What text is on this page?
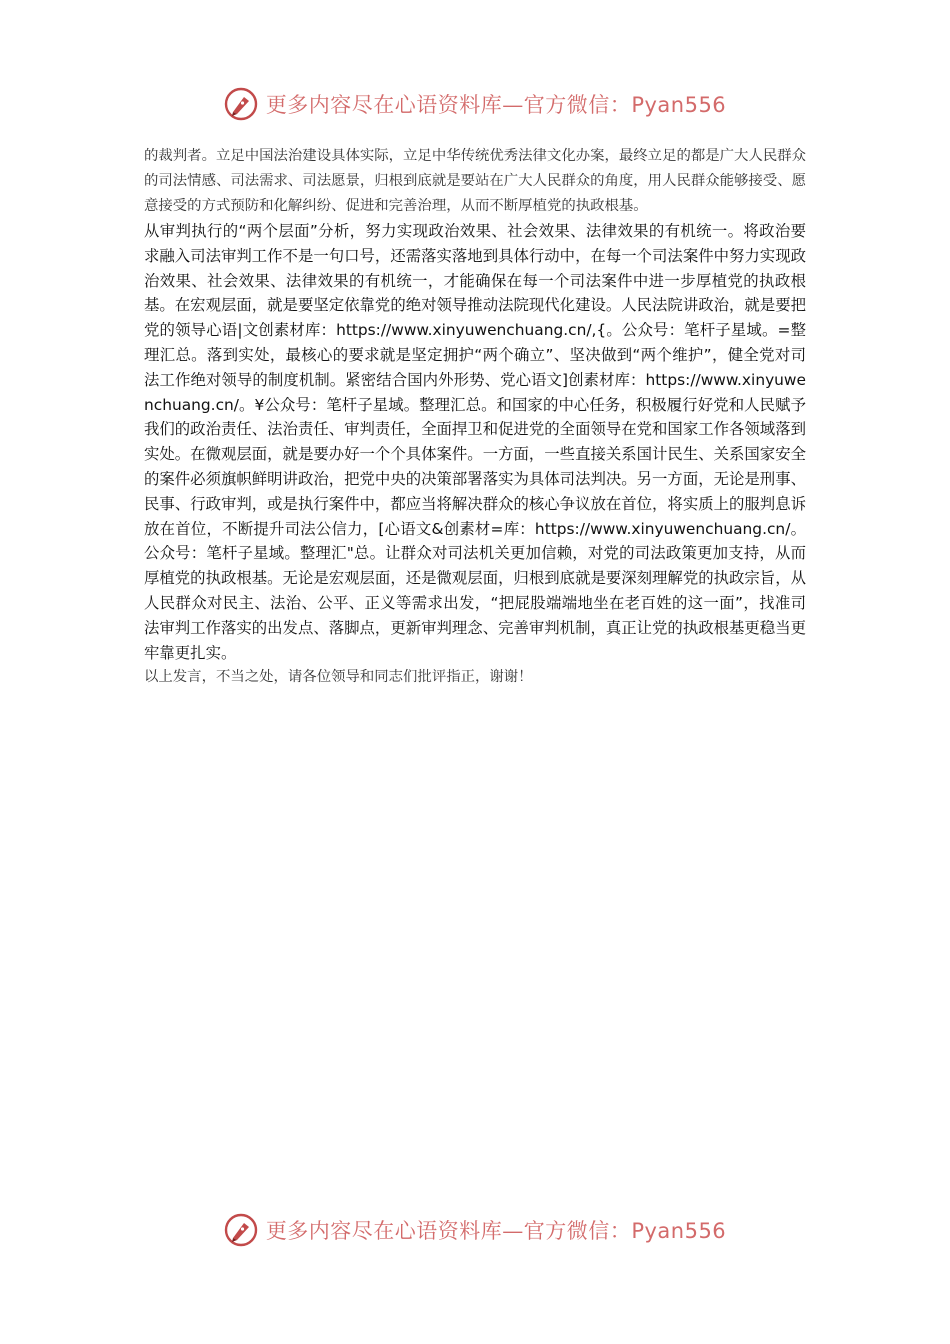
更多内容尽在心语资料库—官方微信：Pyan556

的裁判者。立足中国法治建设具体实际，立足中华传统优秀法律文化办案，最终立足的都是广大人民群众的司法情感、司法需求、司法愿景，归根到底就是要站在广大人民群众的角度，用人民群众能够接受、愿意接受的方式预防和化解纠纷、促进和完善治理，从而不断厚植党的执政根基。

从审判执行的“两个层面”分析，努力实现政治效果、社会效果、法律效果的有机统一。将政治要求融入司法审判工作不是一句口号，还需落实落地到具体行动中，在每一个司法案件中努力实现政治效果、社会效果、法律效果的有机统一，才能确保在每一个司法案件中进一步厚植党的执政根基。在宏观层面，就是要坚定依靠党的绝对领导推动法院现代化建设。人民法院讲政治，就是要把党的领导心语|文创素材库：https://www.xinyuwenchuang.cn/,{。公众号：笔杆子星域。=整理汇总。落到实处，最核心的要求就是坚定拥护“两个确立”、坚决做到“两个维护”，健全党对司法工作绝对领导的制度机制。紧密结合国内外形势、党心语文]创素材库：https://www.xinyuwenchuang.cn/。¥公众号：笔杆子星域。整理汇总。和国家的中心任务，积极履行好党和人民赋予我们的政治责任、法治责任、审判责任，全面捍卫和促进党的全面领导在党和国家工作各领域落到实处。在微观层面，就是要办好一个个具体案件。一方面，一些直接关系国计民生、关系国家安全的案件必须旗帜鲜明讲政治，把党中央的决策部署落实为具体司法判决。另一方面，无论是刑事、民事、行政审判，或是执行案件中，都应当将解决群众的核心争议放在首位，将实质上的服判息诉放在首位，不断提升司法公信力，[心语文&创素材=库：https://www.xinyuwenchuang.cn/。公众号：笔杆子星域。整理汇"总。让群众对司法机关更加信赖，对党的司法政策更加支持，从而厚植党的执政根基。无论是宏观层面，还是微观层面，归根到底就是要深刻理解党的执政宗旨，从人民群众对民主、法治、公平、正义等需求出发，“把屁股端端地坐在老百姓的这一面”，找准司法审判工作落实的出发点、落脚点，更新审判理念、完善审判机制，真正让党的执政根基更稳当更牢靠更扎实。

以上发言，不当之处，请各位领导和同志们批评指正，谢谢！

更多内容尽在心语资料库—官方微信：Pyan556
